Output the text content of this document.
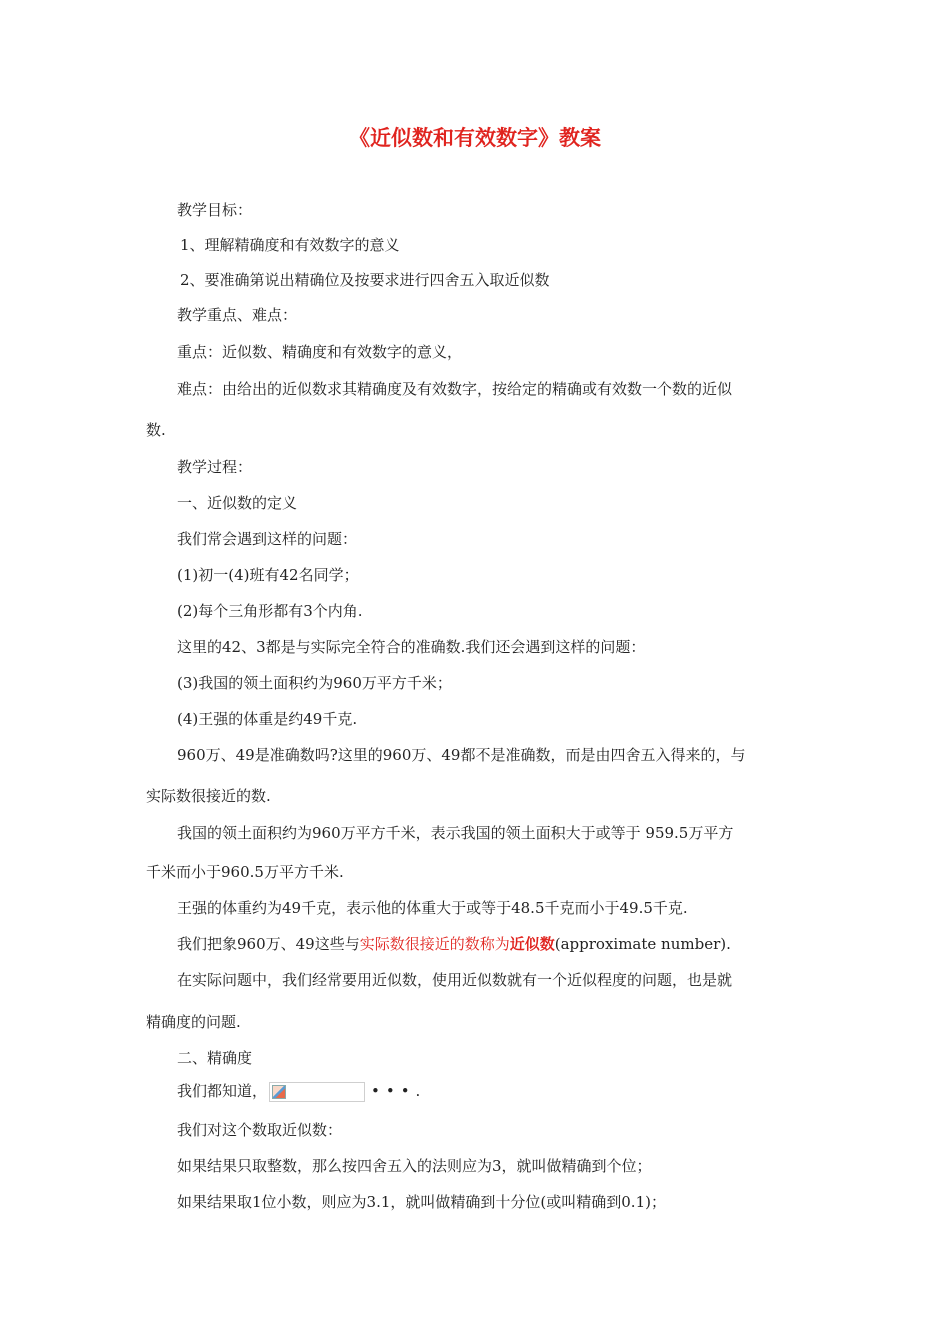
《近似数和有效数字》教案
教学目标：
1、理解精确度和有效数字的意义
2、要准确第说出精确位及按要求进行四舍五入取近似数
教学重点、难点：
重点：近似数、精确度和有效数字的意义，
难点：由给出的近似数求其精确度及有效数字，按给定的精确或有效数一个数的近似
数.
教学过程：
一、近似数的定义
我们常会遇到这样的问题：
(1)初一(4)班有42名同学；
(2)每个三角形都有3个内角.
这里的42、3都是与实际完全符合的准确数.我们还会遇到这样的问题：
(3)我国的领土面积约为960万平方千米；
(4)王强的体重是约49千克.
960万、49是准确数吗?这里的960万、49都不是准确数，而是由四舍五入得来的，与
实际数很接近的数.
我国的领土面积约为960万平方千米，表示我国的领土面积大于或等于 959.5万平方
千米而小于960.5万平方千米.
王强的体重约为49千克，表示他的体重大于或等于48.5千克而小于49.5千克.
我们把象960万、49这些与实际数很接近的数称为近似数(approximate number).
在实际问题中，我们经常要用近似数，使用近似数就有一个近似程度的问题，也是就
精确度的问题.
二、精确度
我们都知道，	•••.
我们对这个数取近似数：
如果结果只取整数，那么按四舍五入的法则应为3，就叫做精确到个位；
如果结果取1位小数，则应为3.1，就叫做精确到十分位(或叫精确到0.1)；
